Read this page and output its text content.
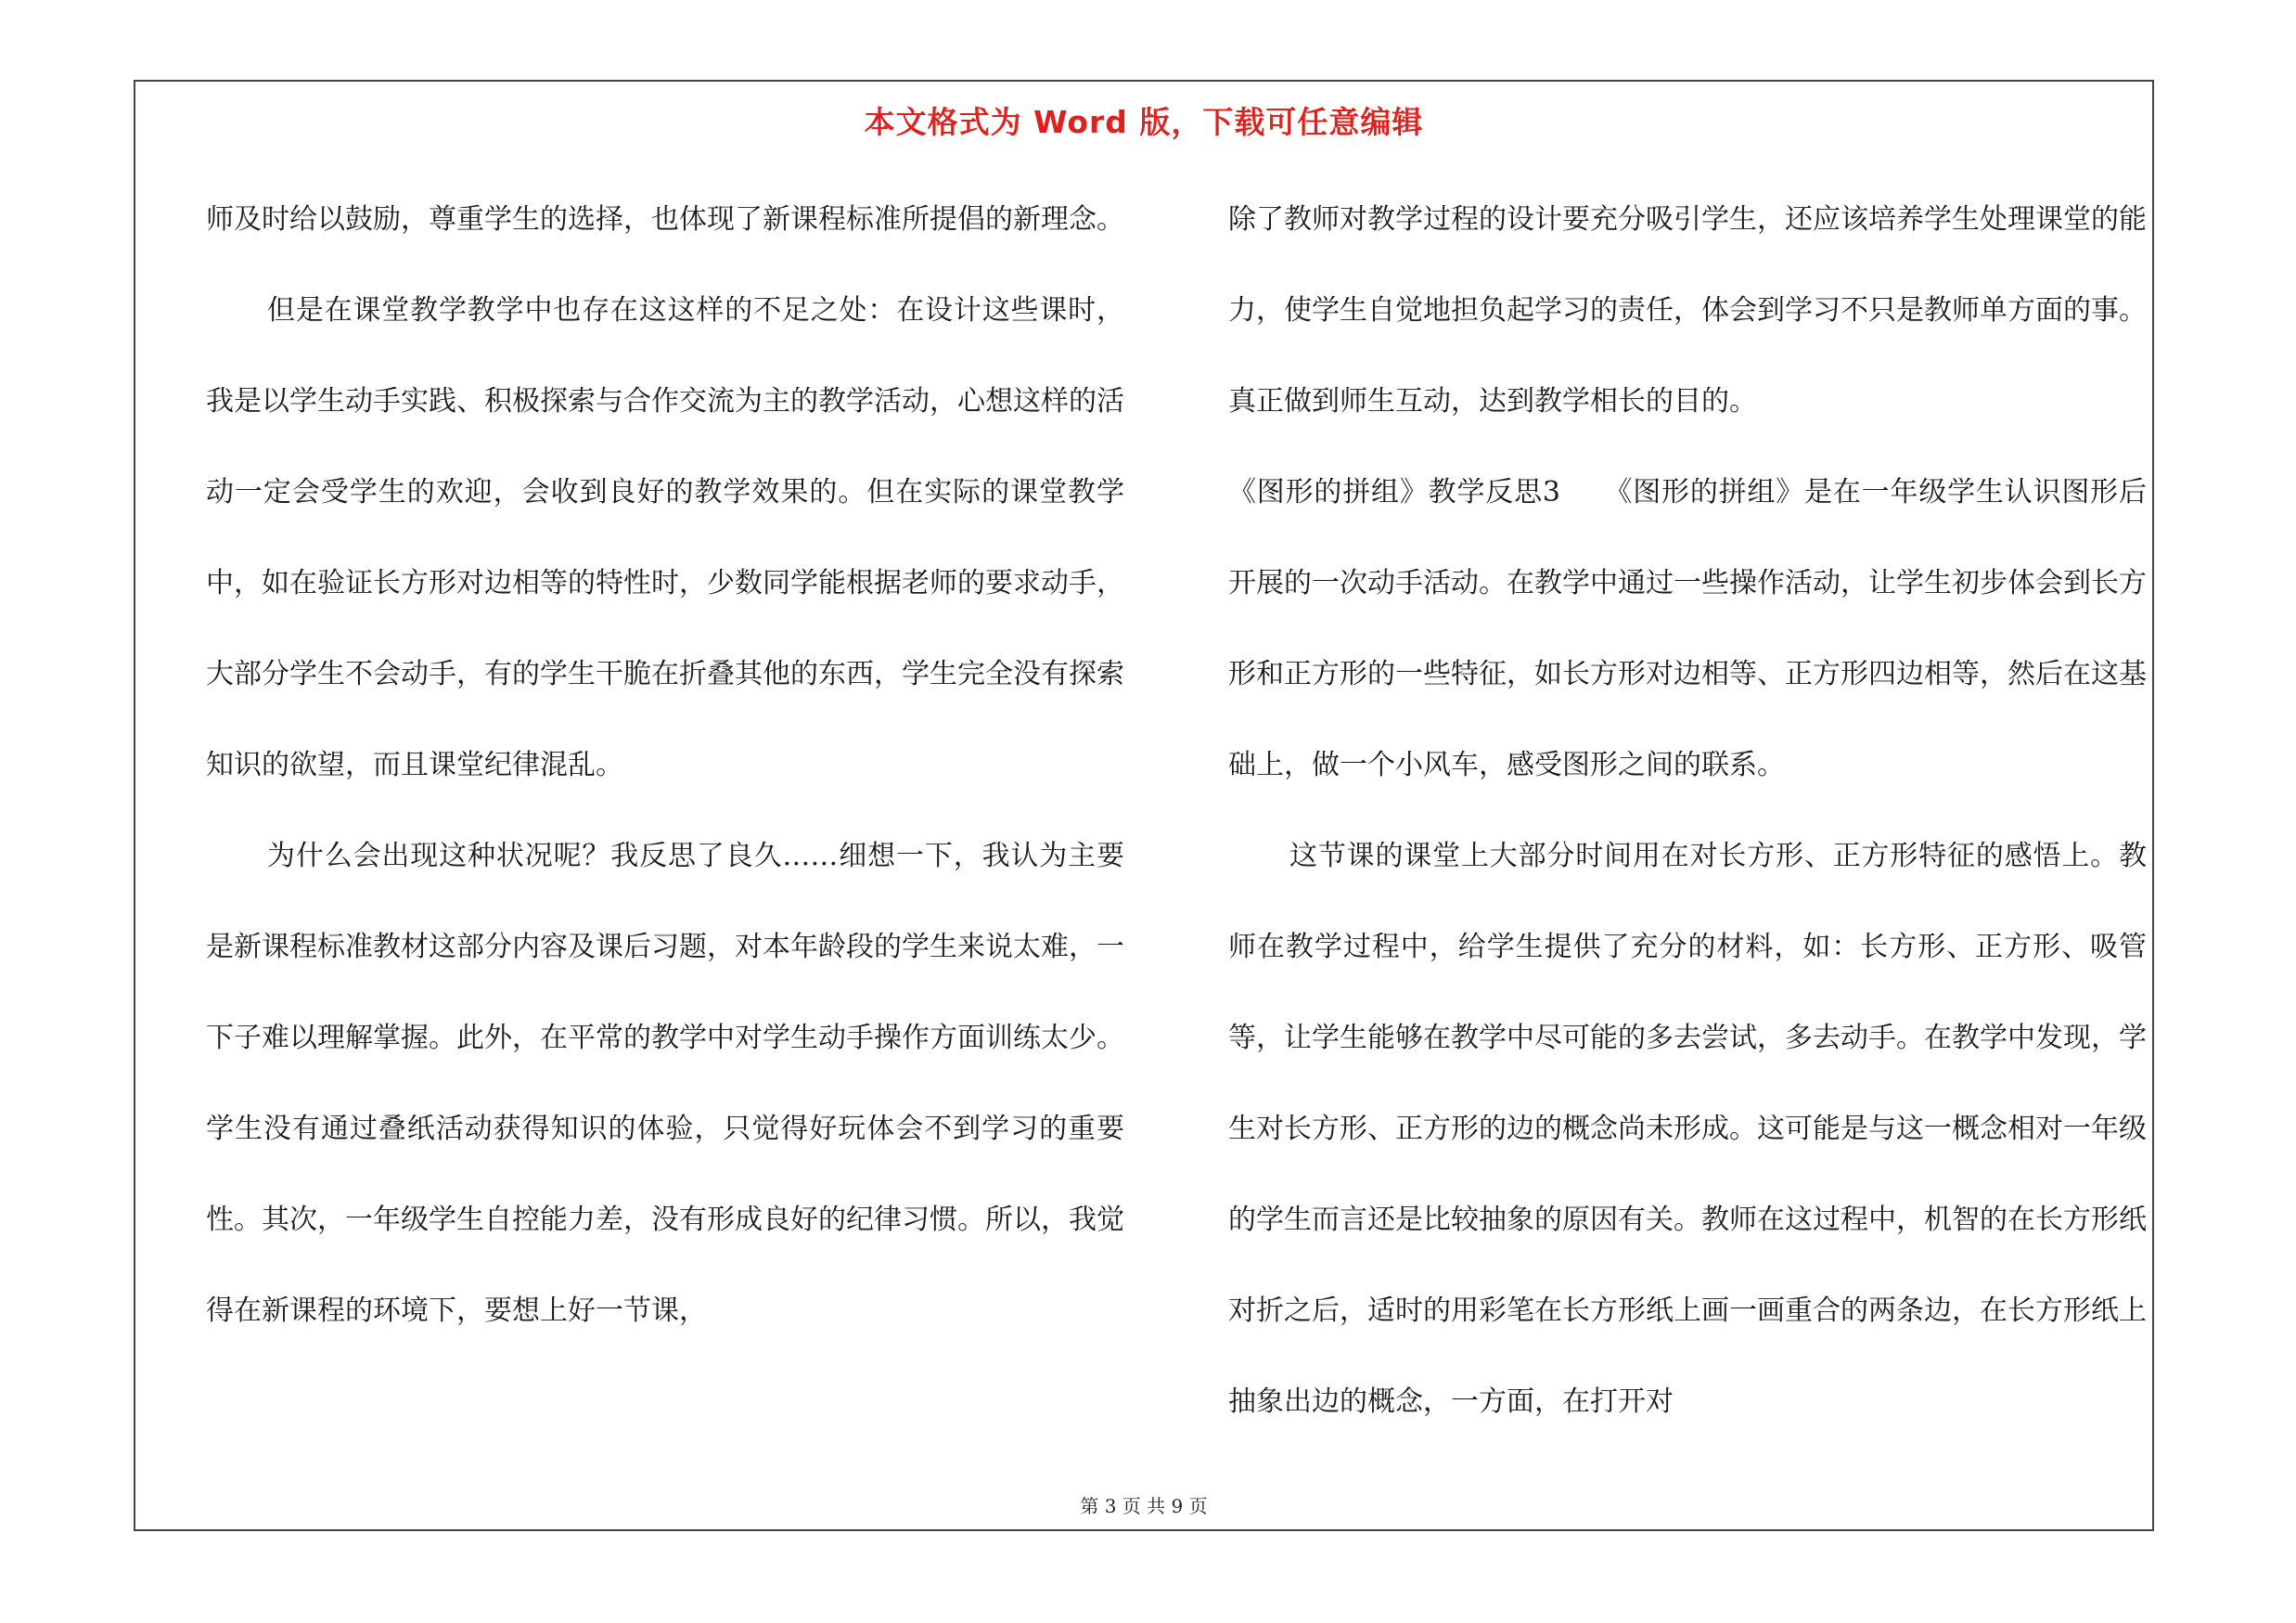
本文格式为 Word 版，下载可任意编辑

师及时给以鼓励，尊重学生的选择，也体现了新课程标准所提倡的新理念。

但是在课堂教学教学中也存在这这样的不足之处：在设计这些课时，我是以学生动手实践、积极探索与合作交流为主的教学活动，心想这样的活动一定会受学生的欢迎，会收到良好的教学效果的。但在实际的课堂教学中，如在验证长方形对边相等的特性时，少数同学能根据老师的要求动手，大部分学生不会动手，有的学生干脆在折叠其他的东西，学生完全没有探索知识的欲望，而且课堂纪律混乱。

为什么会出现这种状况呢？我反思了良久……细想一下，我认为主要是新课程标准教材这部分内容及课后习题，对本年龄段的学生来说太难，一下子难以理解掌握。此外，在平常的教学中对学生动手操作方面训练太少。学生没有通过叠纸活动获得知识的体验，只觉得好玩体会不到学习的重要性。其次，一年级学生自控能力差，没有形成良好的纪律习惯。所以，我觉得在新课程的环境下，要想上好一节课，

除了教师对教学过程的设计要充分吸引学生，还应该培养学生处理课堂的能力，使学生自觉地担负起学习的责任，体会到学习不只是教师单方面的事。真正做到师生互动，达到教学相长的目的。

《图形的拼组》教学反思3　　《图形的拼组》是在一年级学生认识图形后开展的一次动手活动。在教学中通过一些操作活动，让学生初步体会到长方形和正方形的一些特征，如长方形对边相等、正方形四边相等，然后在这基础上，做一个小风车，感受图形之间的联系。

这节课的课堂上大部分时间用在对长方形、正方形特征的感悟上。教师在教学过程中，给学生提供了充分的材料，如：长方形、正方形、吸管等，让学生能够在教学中尽可能的多去尝试，多去动手。在教学中发现，学生对长方形、正方形的边的概念尚未形成。这可能是与这一概念相对一年级的学生而言还是比较抽象的原因有关。教师在这过程中，机智的在长方形纸对折之后，适时的用彩笔在长方形纸上画一画重合的两条边，在长方形纸上抽象出边的概念，一方面，在打开对

第 3 页 共 9 页
